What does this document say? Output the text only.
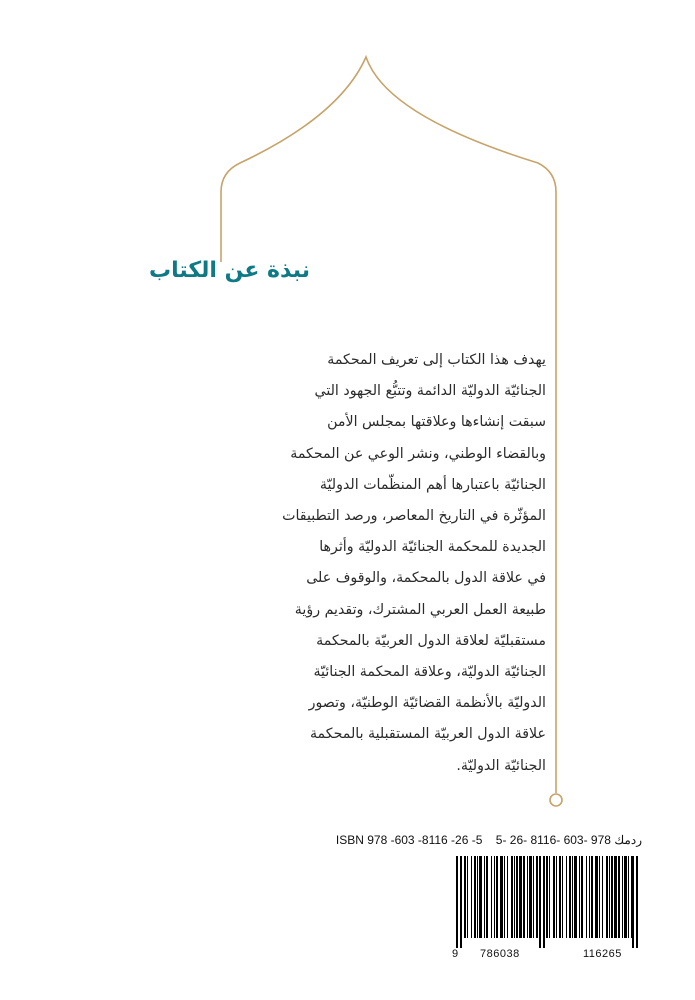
نبذة عن الكتاب
يهدف هذا الكتاب إلى تعريف المحكمة
الجنائيّة الدوليّة الدائمة وتتبُّع الجهود التي
سبقت إنشاءها وعلاقتها بمجلس الأمن
وبالقضاء الوطني، ونشر الوعي عن المحكمة
الجنائيّة باعتبارها أهم المنظّمات الدوليّة
المؤثّرة في التاريخ المعاصر، ورصد التطبيقات
الجديدة للمحكمة الجنائيّة الدوليّة وأثرها
في علاقة الدول بالمحكمة، والوقوف على
طبيعة العمل العربي المشترك، وتقديم رؤية
مستقبليّة لعلاقة الدول العربيّة بالمحكمة
الجنائيّة الدوليّة، وعلاقة المحكمة الجنائيّة
الدوليّة بالأنظمة القضائيّة الوطنيّة، وتصور
علاقة الدول العربيّة المستقبلية بالمحكمة
الجنائيّة الدوليّة.
ردمك 5- 26- 8116- 603- 978    978 -603 -8116 -26 -5 ISBN
9 786038	116265
